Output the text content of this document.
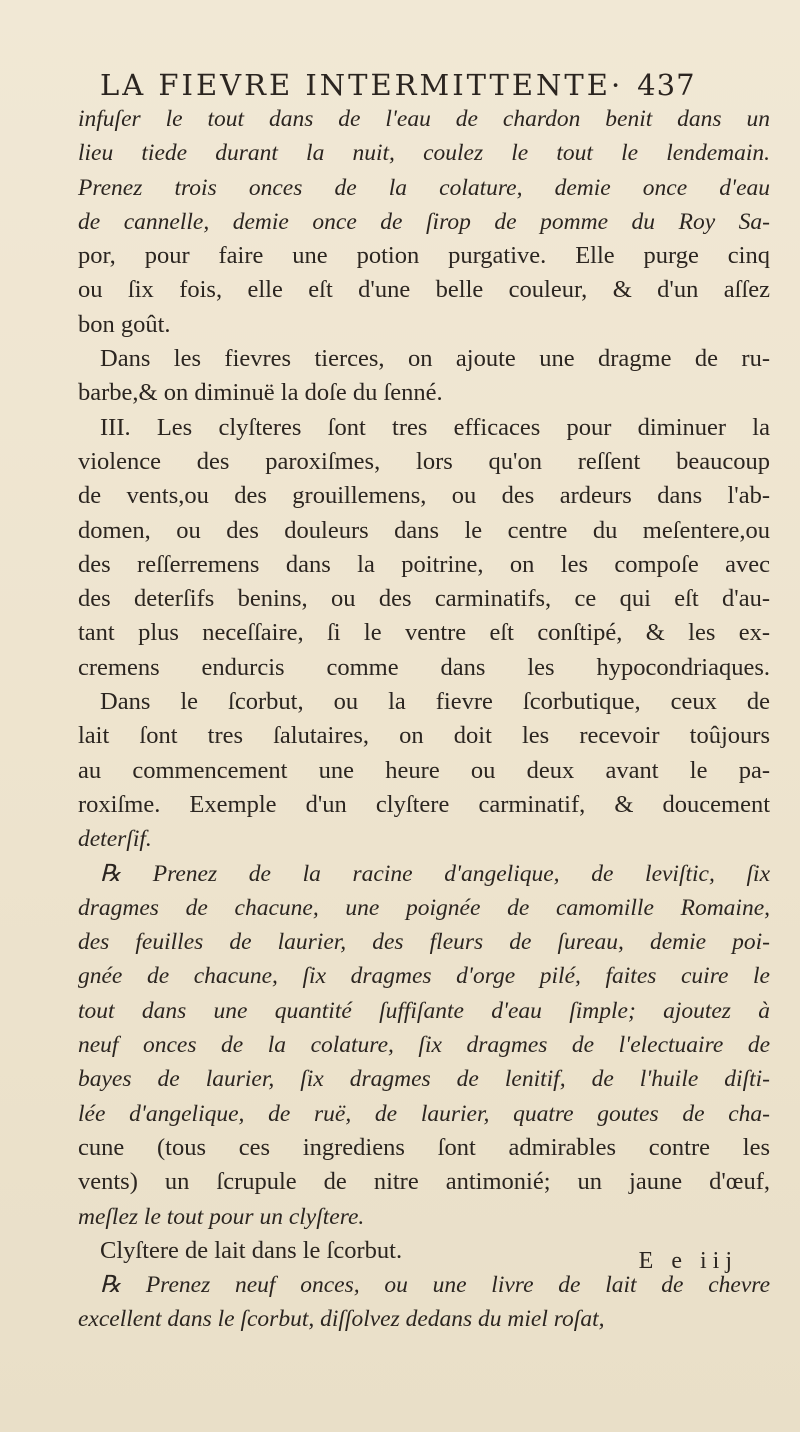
LA FIEVRE INTERMITTENTE· 437
infuſer le tout dans de l'eau de chardon benit dans un
lieu tiede durant la nuit, coulez le tout le lendemain.
Prenez trois onces de la colature, demie once d'eau
de cannelle, demie once de ſirop de pomme du Roy Sa-
por, pour faire une potion purgative. Elle purge cinq
ou ſix fois, elle eſt d'une belle couleur, & d'un aſſez
bon goût.
Dans les fievres tierces, on ajoute une dragme de ru-
barbe,& on diminuë la doſe du ſenné.
III. Les clyſteres ſont tres efficaces pour diminuer la
violence des paroxiſmes, lors qu'on reſſent beaucoup
de vents,ou des grouillemens, ou des ardeurs dans l'ab-
domen, ou des douleurs dans le centre du meſentere,ou
des reſſerremens dans la poitrine, on les compoſe avec
des deterſifs benins, ou des carminatifs, ce qui eſt d'au-
tant plus neceſſaire, ſi le ventre eſt conſtipé, & les ex-
cremens endurcis comme dans les hypocondriaques.
Dans le ſcorbut, ou la fievre ſcorbutique, ceux de
lait ſont tres ſalutaires, on doit les recevoir toûjours
au commencement une heure ou deux avant le pa-
roxiſme. Exemple d'un clyſtere carminatif, & doucement
deterſif.
℞ Prenez de la racine d'angelique, de leviſtic, ſix
dragmes de chacune, une poignée de camomille Romaine,
des feuilles de laurier, des fleurs de ſureau, demie poi-
gnée de chacune, ſix dragmes d'orge pilé, faites cuire le
tout dans une quantité ſuffiſante d'eau ſimple; ajoutez à
neuf onces de la colature, ſix dragmes de l'electuaire de
bayes de laurier, ſix dragmes de lenitif, de l'huile diſti-
lée d'angelique, de ruë, de laurier, quatre goutes de cha-
cune (tous ces ingrediens ſont admirables contre les
vents) un ſcrupule de nitre antimonié; un jaune d'œuf,
meſlez le tout pour un clyſtere.
Clyſtere de lait dans le ſcorbut.
℞ Prenez neuf onces, ou une livre de lait de chevre
excellent dans le ſcorbut, diſſolvez dedans du miel roſat,
E e iij
